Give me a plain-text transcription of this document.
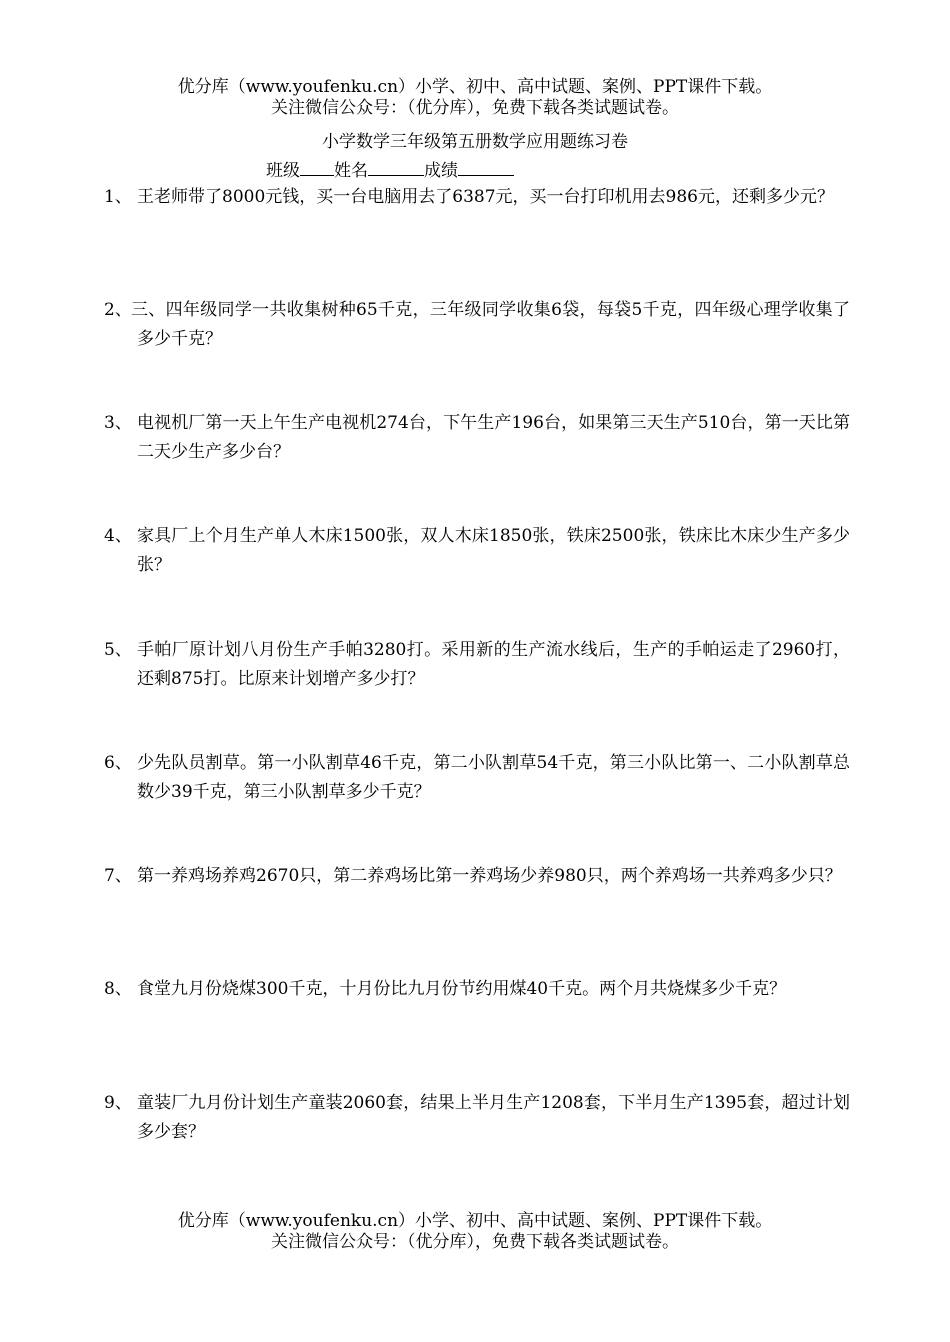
优分库（www.youfenku.cn）小学、初中、高中试题、案例、PPT课件下载。
关注微信公众号：（优分库），免费下载各类试题试卷。
小学数学三年级第五册数学应用题练习卷
班级 姓名	成绩
1、 王老师带了8000元钱，买一台电脑用去了6387元，买一台打印机用去986元，还剩多少元？
2、 三、四年级同学一共收集树种65千克，三年级同学收集6袋，每袋5千克，四年级心理学收集了多少千克？
3、 电视机厂第一天上午生产电视机274台，下午生产196台，如果第三天生产510台，第一天比第二天少生产多少台？
4、 家具厂上个月生产单人木床1500张，双人木床1850张，铁床2500张，铁床比木床少生产多少张？
5、 手帕厂原计划八月份生产手帕3280打。采用新的生产流水线后，生产的手帕运走了2960打，还剩875打。比原来计划增产多少打？
6、 少先队员割草。第一小队割草46千克，第二小队割草54千克，第三小队比第一、二小队割草总数少39千克，第三小队割草多少千克？
7、 第一养鸡场养鸡2670只，第二养鸡场比第一养鸡场少养980只，两个养鸡场一共养鸡多少只？
8、 食堂九月份烧煤300千克，十月份比九月份节约用煤40千克。两个月共烧煤多少千克？
9、 童装厂九月份计划生产童装2060套，结果上半月生产1208套，下半月生产1395套，超过计划多少套？
优分库（www.youfenku.cn）小学、初中、高中试题、案例、PPT课件下载。
关注微信公众号：（优分库），免费下载各类试题试卷。
